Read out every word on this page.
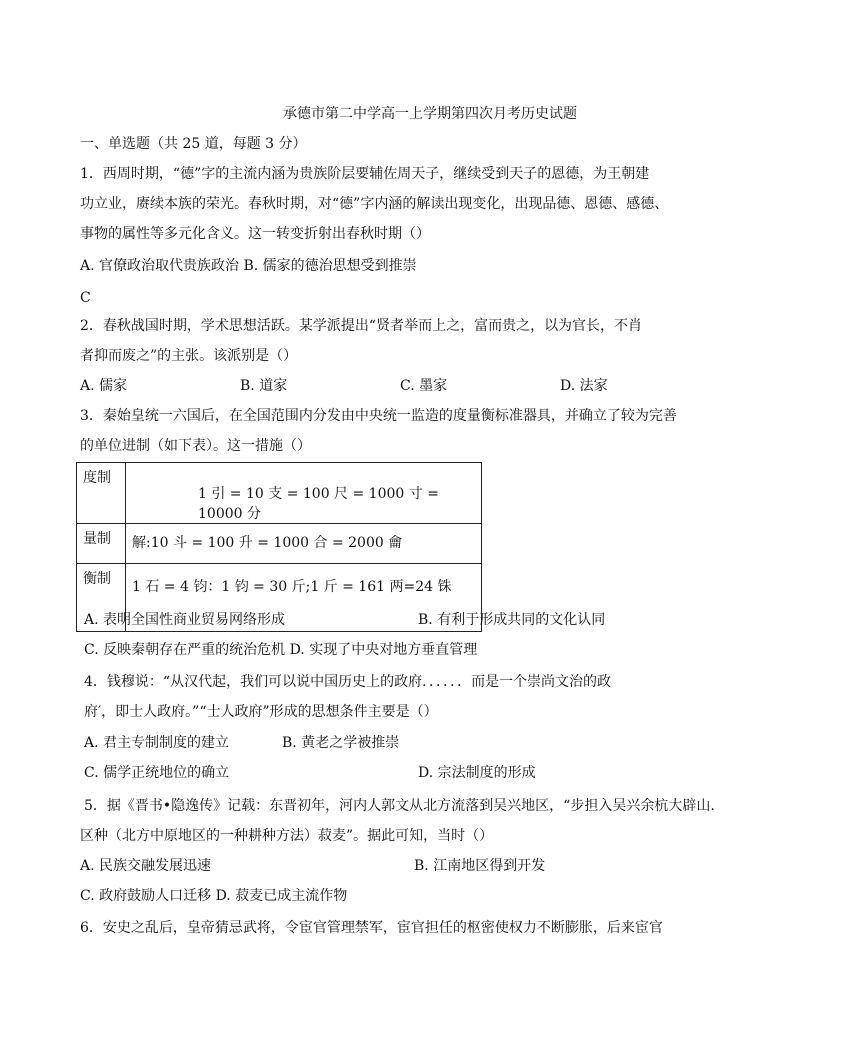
承德市第二中学高一上学期第四次月考历史试题
一、单选题（共 25 道，每题 3 分）
1．西周时期，“德”字的主流内涵为贵族阶层要辅佐周天子，继续受到天子的恩德，为王朝建
功立业，赓续本族的荣光。春秋时期，对“德”字内涵的解读出现变化，出现品德、恩德、感德、
事物的属性等多元化含义。这一转变折射出春秋时期（）
A. 官僚政治取代贵族政治 B. 儒家的德治思想受到推崇
C
2．春秋战国时期，学术思想活跃。某学派提出“贤者举而上之，富而贵之，以为官长，不肖
者抑而废之”的主张。该派别是（）
A. 儒家	B. 道家	C. 墨家	D. 法家
3．秦始皇统一六国后，在全国范围内分发由中央统一监造的度量衡标准器具，并确立了较为完善
的单位进制（如下表）。这一措施（）
度制	1 引 = 10 支 = 100 尺 = 1000 寸 = 10000 分

量制	解:10 斗 = 100 升 = 1000 合 = 2000 龠

衡制	1 石 = 4 钧：1 钧 = 30 斤;1 斤 = 161 两=24 铢
A. 表明全国性商业贸易网络形成	B. 有利于形成共同的文化认同
C. 反映秦朝存在严重的统治危机 D. 实现了中央对地方垂直管理
4．钱穆说：“从汉代起，我们可以说中国历史上的政府．．．．．．而是一个崇尚文治的政
府′，即士人政府。”“士人政府”形成的思想条件主要是（）
A. 君主专制制度的建立	B. 黄老之学被推崇
C. 儒学正统地位的确立	D. 宗法制度的形成
5．据《晋书•隐逸传》记载：东晋初年，河内人郭文从北方流落到吴兴地区，“步担入吴兴余杭大辟山.
区种（北方中原地区的一种耕种方法）菽麦”。据此可知，当时（）
A. 民族交融发展迅速	B. 江南地区得到开发
C. 政府鼓励人口迁移 D. 菽麦已成主流作物
6．安史之乱后，皇帝猜忌武将，令宦官管理禁军，宦官担任的枢密使权力不断膨胀，后来宦官
